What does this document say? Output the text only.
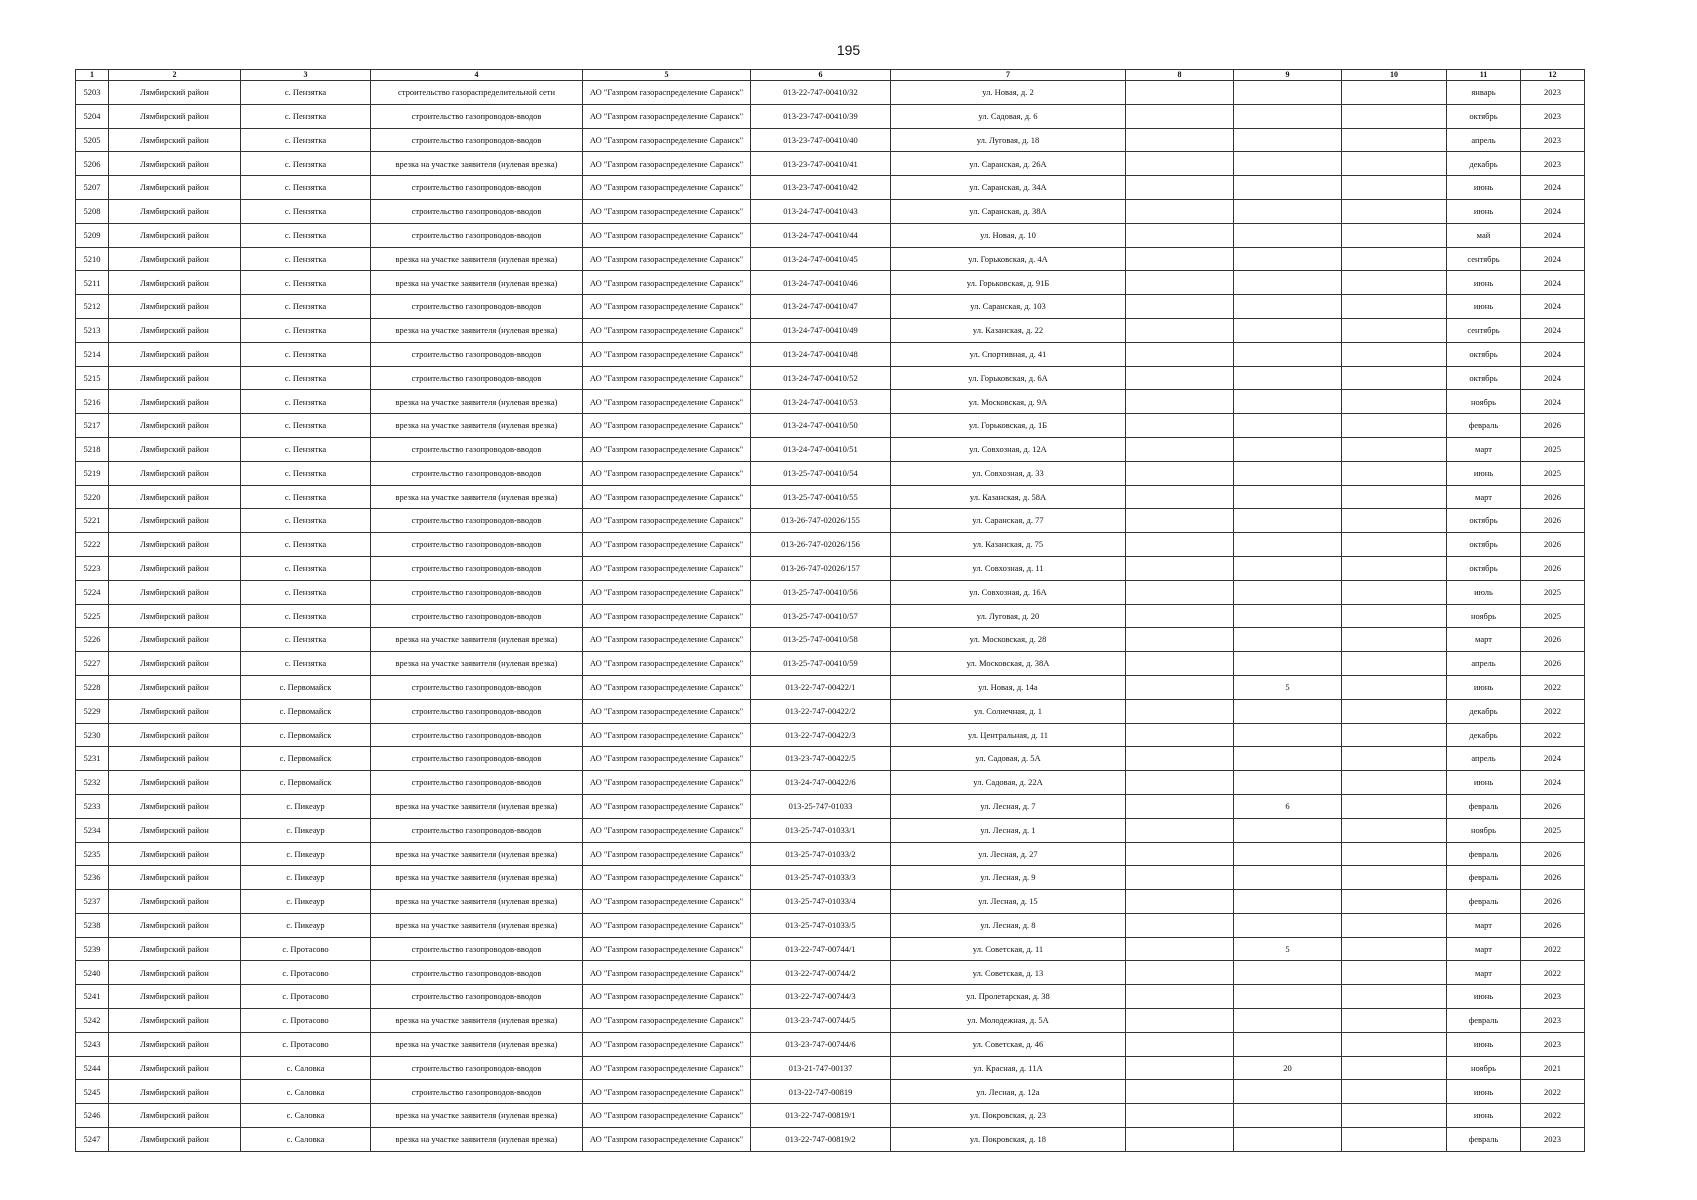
195
1	2	3	4	5	6	7	8	9	10	11	12
5203	Лямбирский район	с. Пензятка	строительство газораспределительной сети	АО "Газпром газораспределение Саранск"	013-22-747-00410/32	ул. Новая, д. 2				январь	2023
5204	Лямбирский район	с. Пензятка	строительство газопроводов-вводов	АО "Газпром газораспределение Саранск"	013-23-747-00410/39	ул. Садовая, д. 6				октябрь	2023
5205	Лямбирский район	с. Пензятка	строительство газопроводов-вводов	АО "Газпром газораспределение Саранск"	013-23-747-00410/40	ул. Луговая, д. 18				апрель	2023
5206	Лямбирский район	с. Пензятка	врезка на участке заявителя (нулевая врезка)	АО "Газпром газораспределение Саранск"	013-23-747-00410/41	ул. Саранская, д. 26А				декабрь	2023
5207	Лямбирский район	с. Пензятка	строительство газопроводов-вводов	АО "Газпром газораспределение Саранск"	013-23-747-00410/42	ул. Саранская, д. 34А				июнь	2024
5208	Лямбирский район	с. Пензятка	строительство газопроводов-вводов	АО "Газпром газораспределение Саранск"	013-24-747-00410/43	ул. Саранская, д. 38А				июнь	2024
5209	Лямбирский район	с. Пензятка	строительство газопроводов-вводов	АО "Газпром газораспределение Саранск"	013-24-747-00410/44	ул. Новая, д. 10				май	2024
5210	Лямбирский район	с. Пензятка	врезка на участке заявителя (нулевая врезка)	АО "Газпром газораспределение Саранск"	013-24-747-00410/45	ул. Горьковская, д. 4А				сентябрь	2024
5211	Лямбирский район	с. Пензятка	врезка на участке заявителя (нулевая врезка)	АО "Газпром газораспределение Саранск"	013-24-747-00410/46	ул. Горьковская, д. 91Б				июнь	2024
5212	Лямбирский район	с. Пензятка	строительство газопроводов-вводов	АО "Газпром газораспределение Саранск"	013-24-747-00410/47	ул. Саранская, д. 103				июнь	2024
5213	Лямбирский район	с. Пензятка	врезка на участке заявителя (нулевая врезка)	АО "Газпром газораспределение Саранск"	013-24-747-00410/49	ул. Казанская, д. 22				сентябрь	2024
5214	Лямбирский район	с. Пензятка	строительство газопроводов-вводов	АО "Газпром газораспределение Саранск"	013-24-747-00410/48	ул. Спортивная, д. 41				октябрь	2024
5215	Лямбирский район	с. Пензятка	строительство газопроводов-вводов	АО "Газпром газораспределение Саранск"	013-24-747-00410/52	ул. Горьковская, д. 6А				октябрь	2024
5216	Лямбирский район	с. Пензятка	врезка на участке заявителя (нулевая врезка)	АО "Газпром газораспределение Саранск"	013-24-747-00410/53	ул. Московская, д. 9А				ноябрь	2024
5217	Лямбирский район	с. Пензятка	врезка на участке заявителя (нулевая врезка)	АО "Газпром газораспределение Саранск"	013-24-747-00410/50	ул. Горьковская, д. 1Б				февраль	2026
5218	Лямбирский район	с. Пензятка	строительство газопроводов-вводов	АО "Газпром газораспределение Саранск"	013-24-747-00410/51	ул. Совхозная, д. 12А				март	2025
5219	Лямбирский район	с. Пензятка	строительство газопроводов-вводов	АО "Газпром газораспределение Саранск"	013-25-747-00410/54	ул. Совхозная, д. 33				июнь	2025
5220	Лямбирский район	с. Пензятка	врезка на участке заявителя (нулевая врезка)	АО "Газпром газораспределение Саранск"	013-25-747-00410/55	ул. Казанская, д. 58А				март	2026
5221	Лямбирский район	с. Пензятка	строительство газопроводов-вводов	АО "Газпром газораспределение Саранск"	013-26-747-02026/155	ул. Саранская, д. 77				октябрь	2026
5222	Лямбирский район	с. Пензятка	строительство газопроводов-вводов	АО "Газпром газораспределение Саранск"	013-26-747-02026/156	ул. Казанская, д. 75				октябрь	2026
5223	Лямбирский район	с. Пензятка	строительство газопроводов-вводов	АО "Газпром газораспределение Саранск"	013-26-747-02026/157	ул. Совхозная, д. 11				октябрь	2026
5224	Лямбирский район	с. Пензятка	строительство газопроводов-вводов	АО "Газпром газораспределение Саранск"	013-25-747-00410/56	ул. Совхозная, д. 16А				июль	2025
5225	Лямбирский район	с. Пензятка	строительство газопроводов-вводов	АО "Газпром газораспределение Саранск"	013-25-747-00410/57	ул. Луговая, д. 20				ноябрь	2025
5226	Лямбирский район	с. Пензятка	врезка на участке заявителя (нулевая врезка)	АО "Газпром газораспределение Саранск"	013-25-747-00410/58	ул. Московская, д. 28				март	2026
5227	Лямбирский район	с. Пензятка	врезка на участке заявителя (нулевая врезка)	АО "Газпром газораспределение Саранск"	013-25-747-00410/59	ул. Московская, д. 38А				апрель	2026
5228	Лямбирский район	с. Первомайск	строительство газопроводов-вводов	АО "Газпром газораспределение Саранск"	013-22-747-00422/1	ул. Новая, д. 14а		5		июнь	2022
5229	Лямбирский район	с. Первомайск	строительство газопроводов-вводов	АО "Газпром газораспределение Саранск"	013-22-747-00422/2	ул. Солнечная, д. 1				декабрь	2022
5230	Лямбирский район	с. Первомайск	строительство газопроводов-вводов	АО "Газпром газораспределение Саранск"	013-22-747-00422/3	ул. Центральная, д. 11				декабрь	2022
5231	Лямбирский район	с. Первомайск	строительство газопроводов-вводов	АО "Газпром газораспределение Саранск"	013-23-747-00422/5	ул. Садовая, д. 5А				апрель	2024
5232	Лямбирский район	с. Первомайск	строительство газопроводов-вводов	АО "Газпром газораспределение Саранск"	013-24-747-00422/6	ул. Садовая, д. 22А				июнь	2024
5233	Лямбирский район	с. Пикеаур	врезка на участке заявителя (нулевая врезка)	АО "Газпром газораспределение Саранск"	013-25-747-01033	ул. Лесная, д. 7		6		февраль	2026
5234	Лямбирский район	с. Пикеаур	строительство газопроводов-вводов	АО "Газпром газораспределение Саранск"	013-25-747-01033/1	ул. Лесная, д. 1				ноябрь	2025
5235	Лямбирский район	с. Пикеаур	врезка на участке заявителя (нулевая врезка)	АО "Газпром газораспределение Саранск"	013-25-747-01033/2	ул. Лесная, д. 27				февраль	2026
5236	Лямбирский район	с. Пикеаур	врезка на участке заявителя (нулевая врезка)	АО "Газпром газораспределение Саранск"	013-25-747-01033/3	ул. Лесная, д. 9				февраль	2026
5237	Лямбирский район	с. Пикеаур	врезка на участке заявителя (нулевая врезка)	АО "Газпром газораспределение Саранск"	013-25-747-01033/4	ул. Лесная, д. 15				февраль	2026
5238	Лямбирский район	с. Пикеаур	врезка на участке заявителя (нулевая врезка)	АО "Газпром газораспределение Саранск"	013-25-747-01033/5	ул. Лесная, д. 8				март	2026
5239	Лямбирский район	с. Протасово	строительство газопроводов-вводов	АО "Газпром газораспределение Саранск"	013-22-747-00744/1	ул. Советская, д. 11		5		март	2022
5240	Лямбирский район	с. Протасово	строительство газопроводов-вводов	АО "Газпром газораспределение Саранск"	013-22-747-00744/2	ул. Советская, д. 13				март	2022
5241	Лямбирский район	с. Протасово	строительство газопроводов-вводов	АО "Газпром газораспределение Саранск"	013-22-747-00744/3	ул. Пролетарская, д. 38				июнь	2023
5242	Лямбирский район	с. Протасово	врезка на участке заявителя (нулевая врезка)	АО "Газпром газораспределение Саранск"	013-23-747-00744/5	ул. Молодежная, д. 5А				февраль	2023
5243	Лямбирский район	с. Протасово	врезка на участке заявителя (нулевая врезка)	АО "Газпром газораспределение Саранск"	013-23-747-00744/6	ул. Советская, д. 46				июнь	2023
5244	Лямбирский район	с. Саловка	строительство газопроводов-вводов	АО "Газпром газораспределение Саранск"	013-21-747-00137	ул. Красная, д. 11А		20		ноябрь	2021
5245	Лямбирский район	с. Саловка	строительство газопроводов-вводов	АО "Газпром газораспределение Саранск"	013-22-747-00819	ул. Лесная, д. 12а				июнь	2022
5246	Лямбирский район	с. Саловка	врезка на участке заявителя (нулевая врезка)	АО "Газпром газораспределение Саранск"	013-22-747-00819/1	ул. Покровская, д. 23				июнь	2022
5247	Лямбирский район	с. Саловка	врезка на участке заявителя (нулевая врезка)	АО "Газпром газораспределение Саранск"	013-22-747-00819/2	ул. Покровская, д. 18				февраль	2023
